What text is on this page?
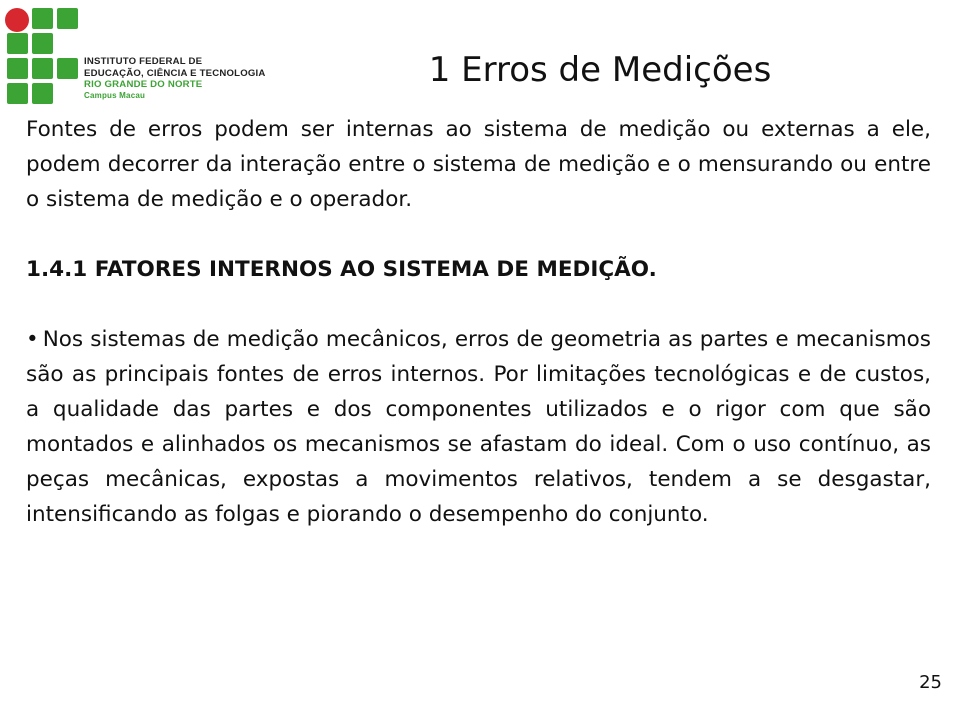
INSTITUTO FEDERAL DE
EDUCAÇÃO, CIÊNCIA E TECNOLOGIA
RIO GRANDE DO NORTE
Campus Macau
1 Erros de Medições

Fontes de erros podem ser internas ao sistema de medição ou externas a ele, podem decorrer da interação entre o sistema de medição e o mensurando ou entre o sistema de medição e o operador.

1.4.1 FATORES INTERNOS AO SISTEMA DE MEDIÇÃO.

• Nos sistemas de medição mecânicos, erros de geometria as partes e mecanismos são as principais fontes de erros internos. Por limitações tecnológicas e de custos, a qualidade das partes e dos componentes utilizados e o rigor com que são montados e alinhados os mecanismos se afastam do ideal. Com o uso contínuo, as peças mecânicas, expostas a movimentos relativos, tendem a se desgastar, intensificando as folgas e piorando o desempenho do conjunto.

25
